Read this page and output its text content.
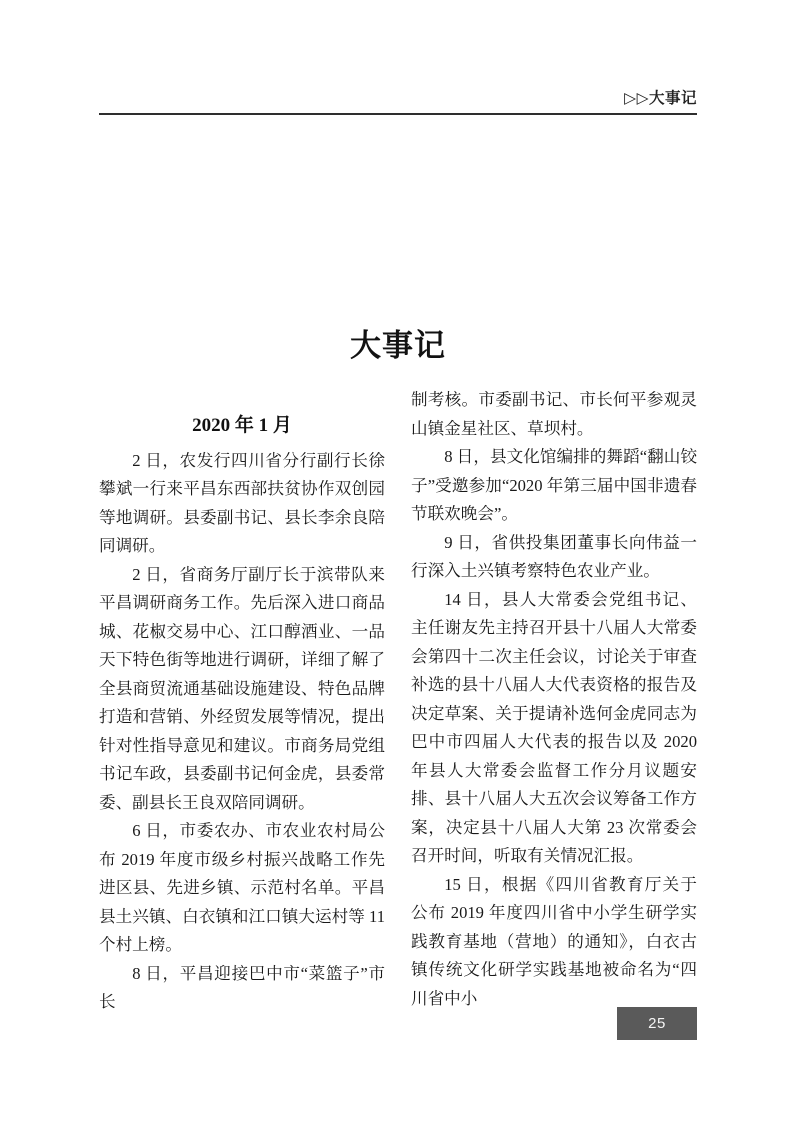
▷▷大事记
大事记
2020 年 1 月

2 日，农发行四川省分行副行长徐攀斌一行来平昌东西部扶贫协作双创园等地调研。县委副书记、县长李余良陪同调研。

2 日，省商务厅副厅长于滨带队来平昌调研商务工作。先后深入进口商品城、花椒交易中心、江口醇酒业、一品天下特色街等地进行调研，详细了解了全县商贸流通基础设施建设、特色品牌打造和营销、外经贸发展等情况，提出针对性指导意见和建议。市商务局党组书记车政，县委副书记何金虎，县委常委、副县长王良双陪同调研。

6 日，市委农办、市农业农村局公布 2019 年度市级乡村振兴战略工作先进区县、先进乡镇、示范村名单。平昌县土兴镇、白衣镇和江口镇大运村等 11 个村上榜。

8 日，平昌迎接巴中市“菜篮子”市长

制考核。市委副书记、市长何平参观灵山镇金星社区、草坝村。

8 日，县文化馆编排的舞蹈“翻山铰子”受邀参加“2020 年第三届中国非遗春节联欢晚会”。

9 日，省供投集团董事长向伟益一行深入土兴镇考察特色农业产业。

14 日，县人大常委会党组书记、主任谢友先主持召开县十八届人大常委会第四十二次主任会议，讨论关于审查补选的县十八届人大代表资格的报告及决定草案、关于提请补选何金虎同志为巴中市四届人大代表的报告以及 2020 年县人大常委会监督工作分月议题安排、县十八届人大五次会议筹备工作方案，决定县十八届人大第 23 次常委会召开时间，听取有关情况汇报。

15 日，根据《四川省教育厅关于公布 2019 年度四川省中小学生研学实践教育基地（营地）的通知》，白衣古镇传统文化研学实践基地被命名为“四川省中小

25
